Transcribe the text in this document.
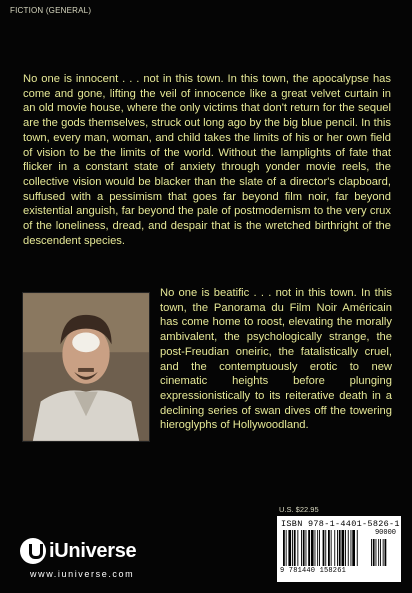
FICTION (GENERAL)

No one is innocent . . . not in this town. In this town, the apocalypse has come and gone, lifting the veil of innocence like a great velvet curtain in an old movie house, where the only victims that don't return for the sequel are the gods themselves, struck out long ago by the big blue pencil. In this town, every man, woman, and child takes the limits of his or her own field of vision to be the limits of the world. Without the lamplights of fate that flicker in a constant state of anxiety through yonder movie reels, the collective vision would be blacker than the slate of a director's clapboard, suffused with a pessimism that goes far beyond film noir, far beyond existential anguish, far beyond the pale of postmodernism to the very crux of the loneliness, dread, and despair that is the wretched birthright of the descendent species.

No one is beatific . . . not in this town. In this town, the Panorama du Film Noir Américain has come home to roost, elevating the morally ambivalent, the psychologically strange, the post-Freudian oneiric, the fatalistically cruel, and the contemptuously erotic to new cinematic heights before plunging expressionistically to its reiterative death in a declining series of swan dives off the towering hieroglyphs of Hollywoodland.

iUniverse
www.iuniverse.com
U.S. $22.95
ISBN 978-1-4401-5826-1
90000
9 781440 158261
